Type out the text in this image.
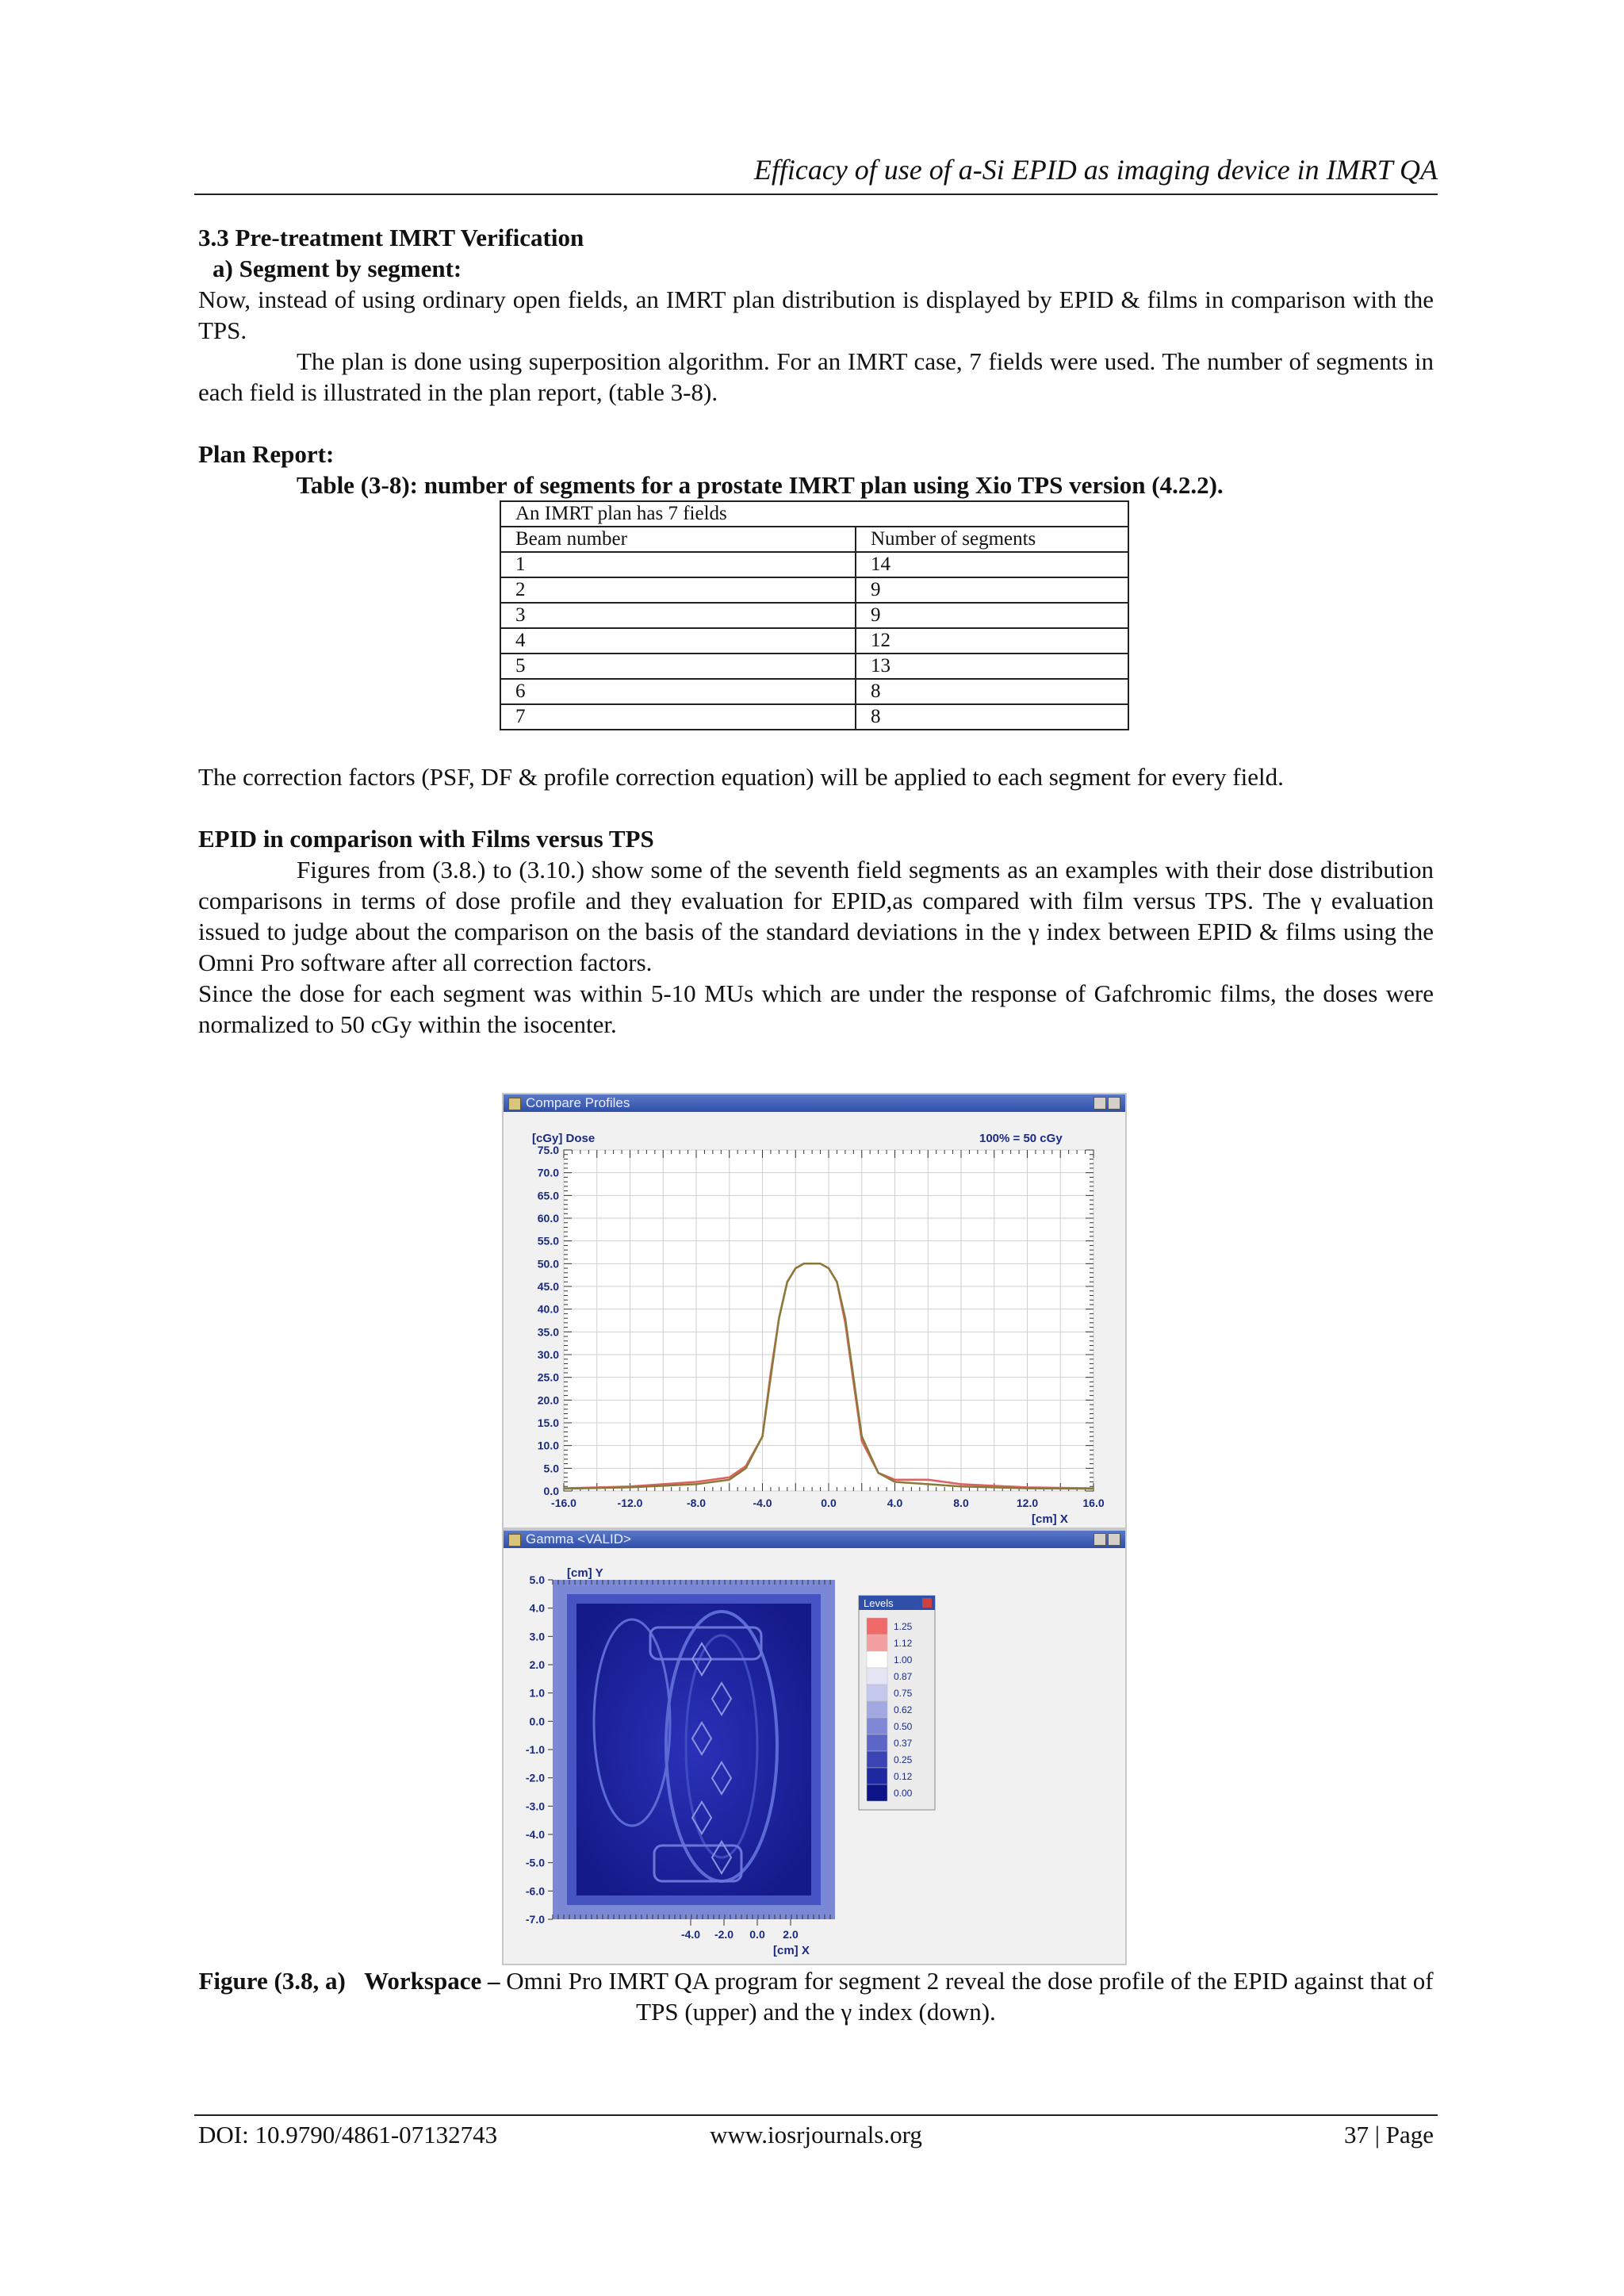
Efficacy of use of a-Si EPID as imaging device in IMRT QA

3.3 Pre-treatment IMRT Verification

a) Segment by segment:

Now, instead of using ordinary open fields, an IMRT plan distribution is displayed by EPID & films in comparison with the TPS.

The plan is done using superposition algorithm. For an IMRT case, 7 fields were used. The number of segments in each field is illustrated in the plan report, (table 3-8).

Plan Report:

Table (3-8): number of segments for a prostate IMRT plan using Xio TPS version (4.2.2).

An IMRT plan has 7 fields	
Beam number	Number of segments
1	14
2	9
3	9
4	12
5	13
6	8
7	8

The correction factors (PSF, DF & profile correction equation) will be applied to each segment for every field.

EPID in comparison with Films versus TPS

Figures from (3.8.) to (3.10.) show some of the seventh field segments as an examples with their dose distribution comparisons in terms of dose profile and theγ evaluation for EPID,as compared with film versus TPS. The γ evaluation issued to judge about the comparison on the basis of the standard deviations in the γ index between EPID & films using the Omni Pro software after all correction factors.

Since the dose for each segment was within 5-10 MUs which are under the response of Gafchromic films, the doses were normalized to 50 cGy within the isocenter.

Compare Profiles
[cGy] Dose	100% = 50 cGy
[cm] X
-16.0	-12.0	-8.0	-4.0	0.0	4.0	8.0	12.0	16.0
75.0
70.0
65.0
60.0
55.0
50.0
45.0
40.0
35.0
30.0
25.0
20.0
15.0
10.0
5.0
0.0
Gamma <VALID>
[cm] Y
[cm] X
5.0
4.0
3.0
2.0
1.0
0.0
-1.0
-2.0
-3.0
-4.0
-5.0
-6.0
-7.0
-4.0 -2.0 0.0 2.0
Levels
1.25
1.12
1.00
0.87
0.75
0.62
0.50
0.37
0.25
0.12
0.00
Figure (3.8, a) Workspace – Omni Pro IMRT QA program for segment 2 reveal the dose profile of the EPID against that of TPS (upper) and the γ index (down).
DOI: 10.9790/4861-07132743	www.iosrjournals.org	37 | Page
